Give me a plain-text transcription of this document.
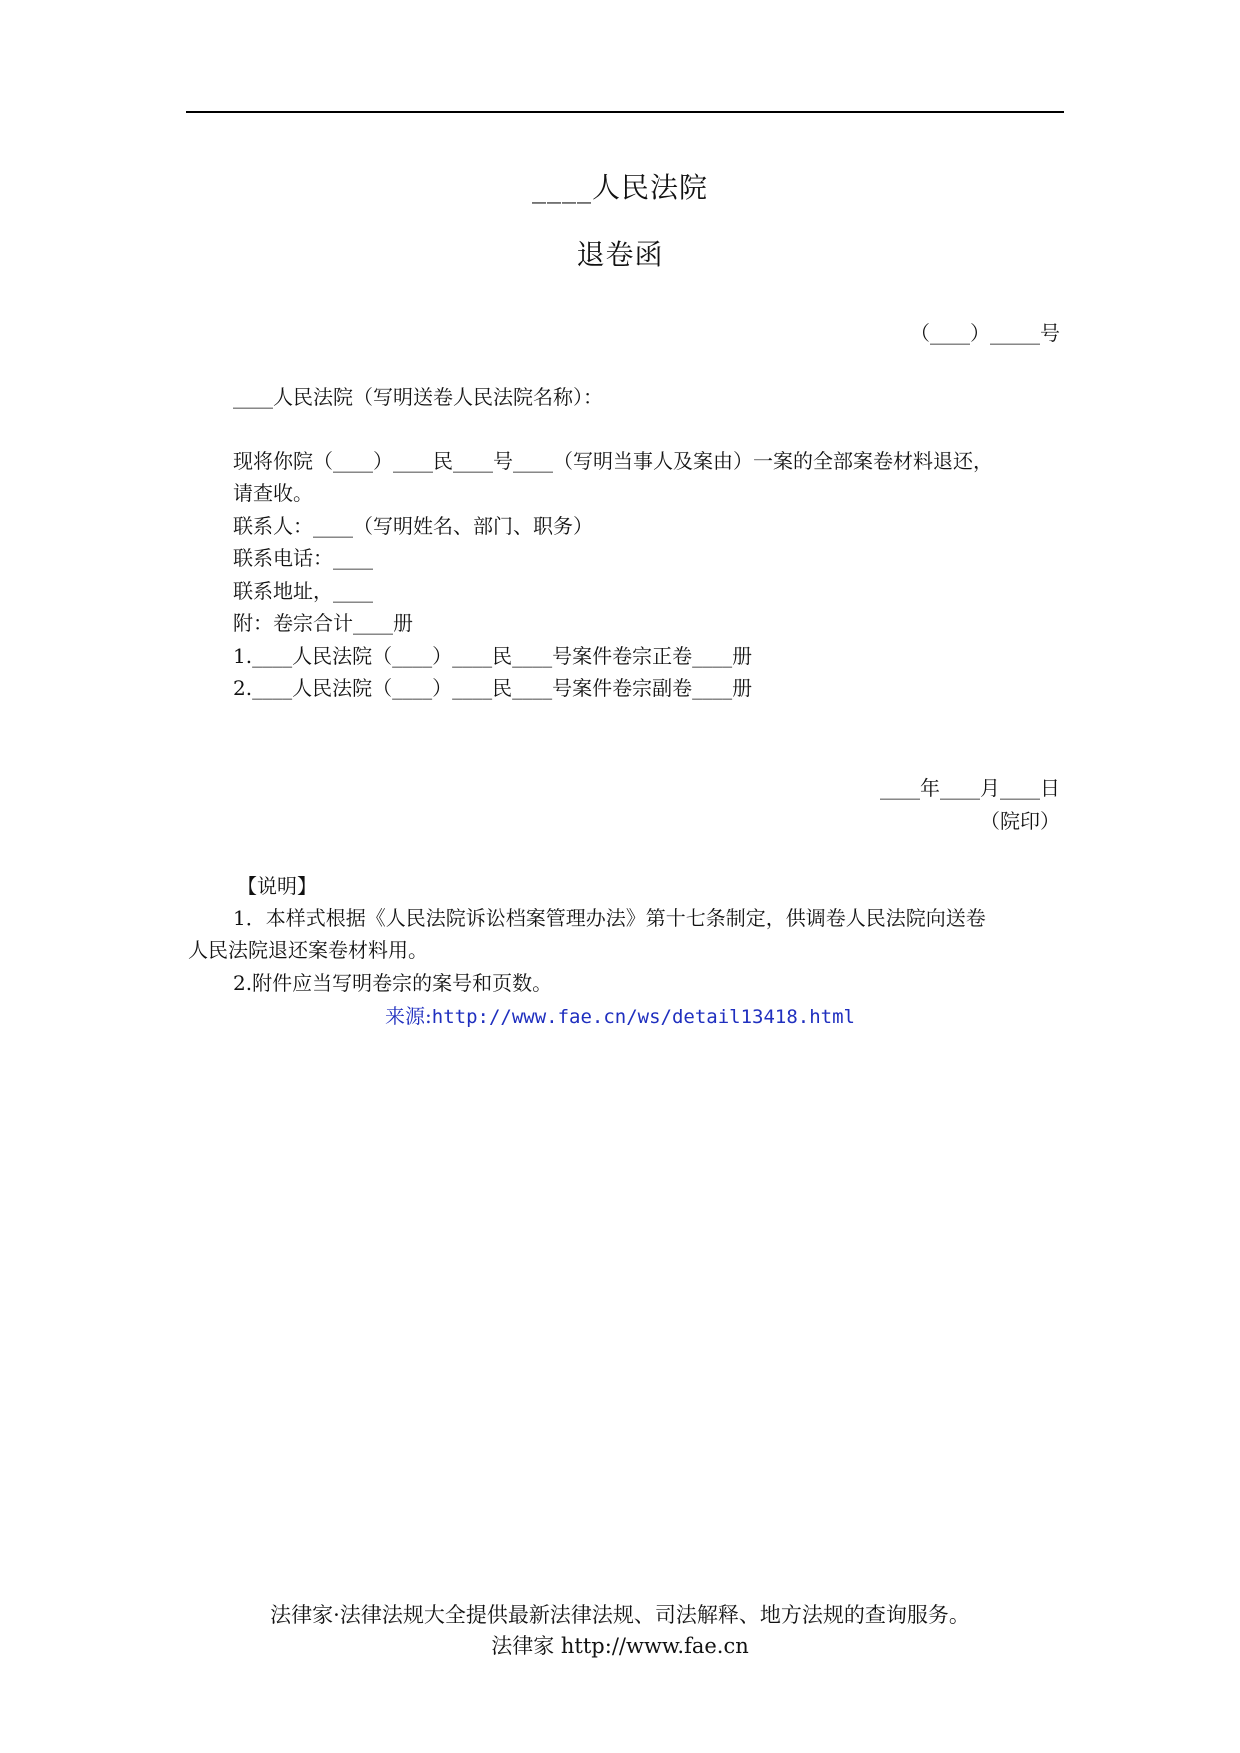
____人民法院
退卷函
（____）_____号
____人民法院（写明送卷人民法院名称）：
现将你院（____）____民____号____（写明当事人及案由）一案的全部案卷材料退还，
请查收。
联系人：____（写明姓名、部门、职务）
联系电话：____
联系地址，____
附：卷宗合计____册
1.____人民法院（____）____民____号案件卷宗正卷____册
2.____人民法院（____）____民____号案件卷宗副卷____册
____年____月____日
（院印）
【说明】
1．本样式根据《人民法院诉讼档案管理办法》第十七条制定，供调卷人民法院向送卷
人民法院退还案卷材料用。
2.附件应当写明卷宗的案号和页数。
来源:http://www.fae.cn/ws/detail13418.html
法律家·法律法规大全提供最新法律法规、司法解释、地方法规的查询服务。
法律家 http://www.fae.cn
